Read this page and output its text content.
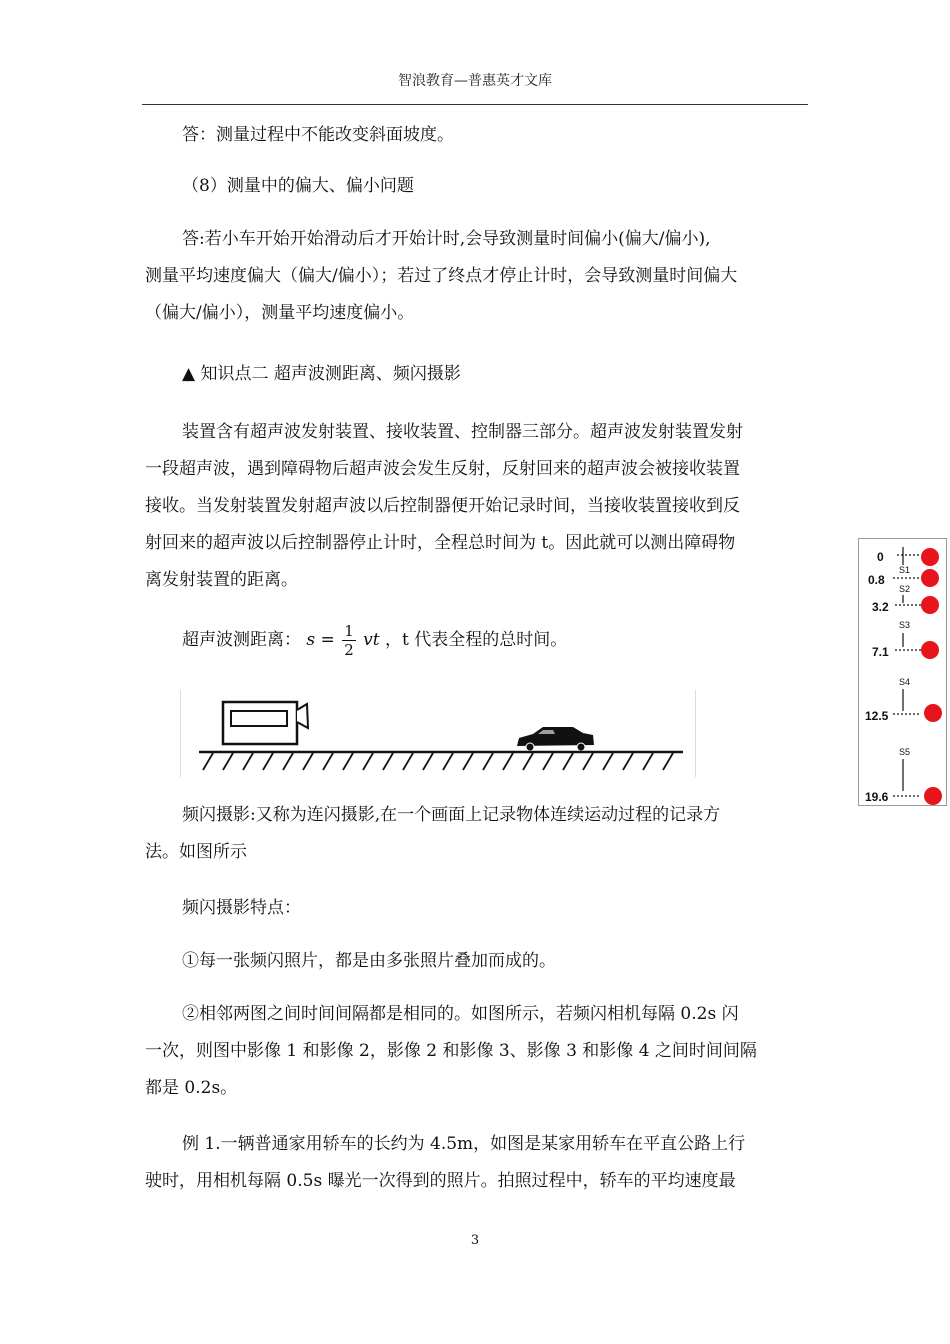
智浪教育—普惠英才文库
答：测量过程中不能改变斜面坡度。
（8）测量中的偏大、偏小问题
答:若小车开始开始滑动后才开始计时,会导致测量时间偏小(偏大/偏小),
测量平均速度偏大（偏大/偏小）；若过了终点才停止计时，会导致测量时间偏大
（偏大/偏小），测量平均速度偏小。
▲ 知识点二 超声波测距离、频闪摄影
装置含有超声波发射装置、接收装置、控制器三部分。超声波发射装置发射
一段超声波，遇到障碍物后超声波会发生反射，反射回来的超声波会被接收装置
接收。当发射装置发射超声波以后控制器便开始记录时间，当接收装置接收到反
射回来的超声波以后控制器停止计时，全程总时间为 t。因此就可以测出障碍物
离发射装置的距离。
超声波测距离： $s = \frac{1}{2}$ vt ，t 代表全程的总时间。
0
0.8
3.2
7.1
12.5
19.6
S1
S2
S3
S4
S5
频闪摄影:又称为连闪摄影,在一个画面上记录物体连续运动过程的记录方
法。如图所示
频闪摄影特点：
①每一张频闪照片，都是由多张照片叠加而成的。
②相邻两图之间时间间隔都是相同的。如图所示，若频闪相机每隔 0.2s 闪
一次，则图中影像 1 和影像 2，影像 2 和影像 3、影像 3 和影像 4 之间时间间隔
都是 0.2s。
例 1.一辆普通家用轿车的长约为 4.5m，如图是某家用轿车在平直公路上行
驶时，用相机每隔 0.5s 曝光一次得到的照片。拍照过程中，轿车的平均速度最
3
